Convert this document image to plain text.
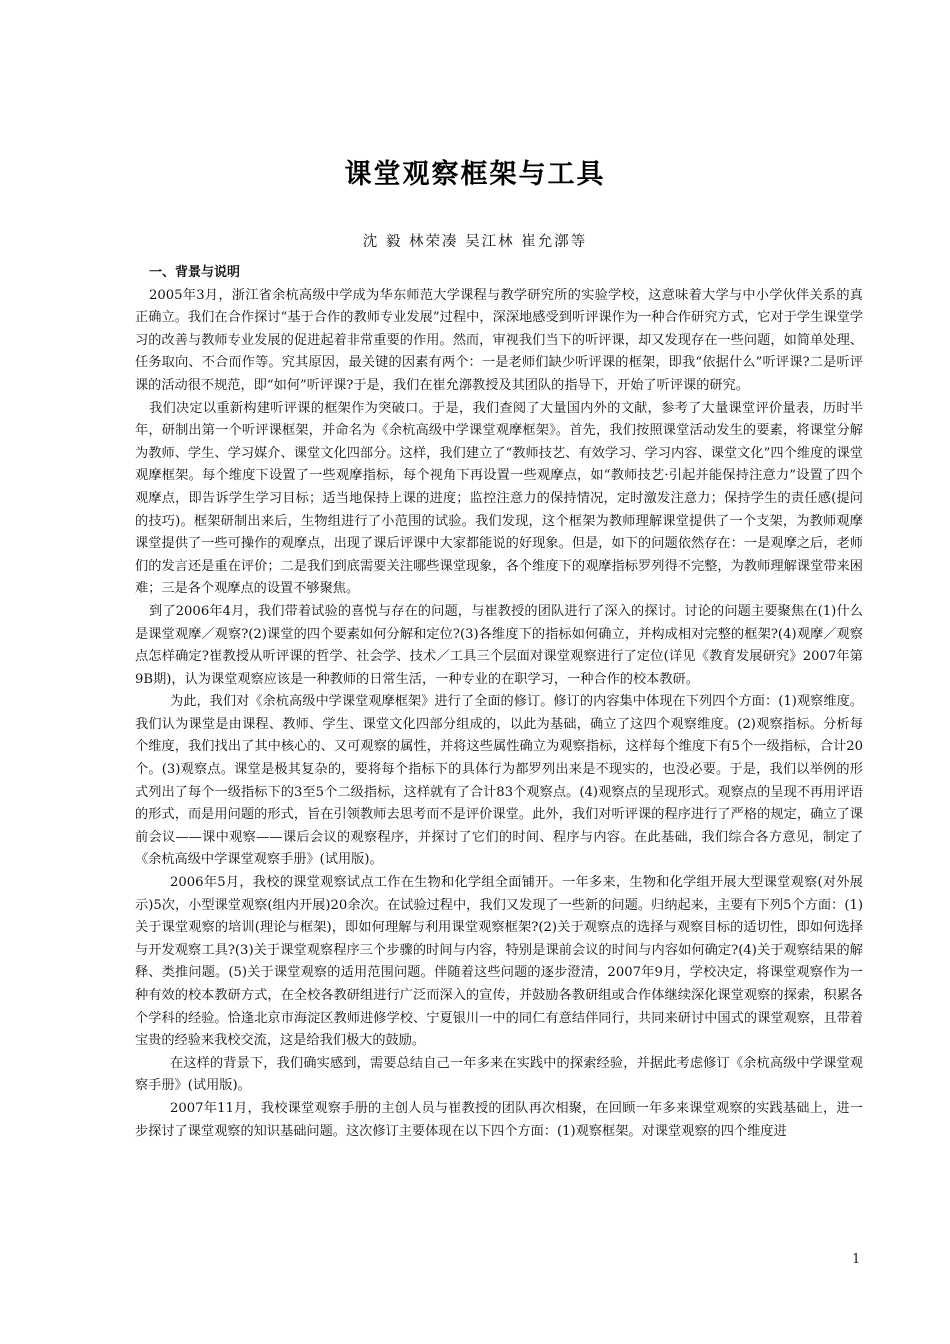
课堂观察框架与工具
沈 毅 林荣凑 吴江林 崔允漷等

一、背景与说明

2005年3月，浙江省余杭高级中学成为华东师范大学课程与教学研究所的实验学校，这意味着大学与中小学伙伴关系的真正确立。我们在合作探讨“基于合作的教师专业发展”过程中，深深地感受到听评课作为一种合作研究方式，它对于学生课堂学习的改善与教师专业发展的促进起着非常重要的作用。然而，审视我们当下的听评课，却又发现存在一些问题，如简单处理、任务取向、不合而作等。究其原因，最关键的因素有两个：一是老师们缺少听评课的框架，即我“依据什么”听评课?二是听评课的活动很不规范，即“如何”听评课?于是，我们在崔允漷教授及其团队的指导下，开始了听评课的研究。

我们决定以重新构建听评课的框架作为突破口。于是，我们查阅了大量国内外的文献，参考了大量课堂评价量表，历时半年，研制出第一个听评课框架，并命名为《余杭高级中学课堂观摩框架》。首先，我们按照课堂活动发生的要素，将课堂分解为教师、学生、学习媒介、课堂文化四部分。这样，我们建立了“教师技艺、有效学习、学习内容、课堂文化”四个维度的课堂观摩框架。每个维度下设置了一些观摩指标，每个视角下再设置一些观摩点，如“教师技艺·引起并能保持注意力”设置了四个观摩点，即告诉学生学习目标；适当地保持上课的进度；监控注意力的保持情况，定时激发注意力；保持学生的责任感(提问的技巧)。框架研制出来后，生物组进行了小范围的试验。我们发现，这个框架为教师理解课堂提供了一个支架，为教师观摩课堂提供了一些可操作的观摩点，出现了课后评课中大家都能说的好现象。但是，如下的问题依然存在：一是观摩之后，老师们的发言还是重在评价；二是我们到底需要关注哪些课堂现象，各个维度下的观摩指标罗列得不完整，为教师理解课堂带来困难；三是各个观摩点的设置不够聚焦。

到了2006年4月，我们带着试验的喜悦与存在的问题，与崔教授的团队进行了深入的探讨。讨论的问题主要聚焦在(1)什么是课堂观摩／观察?(2)课堂的四个要素如何分解和定位?(3)各维度下的指标如何确立，并构成相对完整的框架?(4)观摩／观察点怎样确定?崔教授从听评课的哲学、社会学、技术／工具三个层面对课堂观察进行了定位(详见《教育发展研究》2007年第9B期)，认为课堂观察应该是一种教师的日常生活，一种专业的在职学习，一种合作的校本教研。

为此，我们对《余杭高级中学课堂观摩框架》进行了全面的修订。修订的内容集中体现在下列四个方面：(1)观察维度。我们认为课堂是由课程、教师、学生、课堂文化四部分组成的，以此为基础，确立了这四个观察维度。(2)观察指标。分析每个维度，我们找出了其中核心的、又可观察的属性，并将这些属性确立为观察指标，这样每个维度下有5个一级指标，合计20个。(3)观察点。课堂是极其复杂的，要将每个指标下的具体行为都罗列出来是不现实的，也没必要。于是，我们以举例的形式列出了每个一级指标下的3至5个二级指标，这样就有了合计83个观察点。(4)观察点的呈现形式。观察点的呈现不再用评语的形式，而是用问题的形式，旨在引领教师去思考而不是评价课堂。此外，我们对听评课的程序进行了严格的规定，确立了课前会议——课中观察——课后会议的观察程序，并探讨了它们的时间、程序与内容。在此基础，我们综合各方意见，制定了《余杭高级中学课堂观察手册》(试用版)。

2006年5月，我校的课堂观察试点工作在生物和化学组全面铺开。一年多来，生物和化学组开展大型课堂观察(对外展示)5次，小型课堂观察(组内开展)20余次。在试验过程中，我们又发现了一些新的问题。归纳起来，主要有下列5个方面：(1)关于课堂观察的培训(理论与框架)，即如何理解与利用课堂观察框架?(2)关于观察点的选择与观察目标的适切性，即如何选择与开发观察工具?(3)关于课堂观察程序三个步骤的时间与内容，特别是课前会议的时间与内容如何确定?(4)关于观察结果的解释、类推问题。(5)关于课堂观察的适用范围问题。伴随着这些问题的逐步澄清，2007年9月，学校决定，将课堂观察作为一种有效的校本教研方式，在全校各教研组进行广泛而深入的宣传，并鼓励各教研组或合作体继续深化课堂观察的探索，积累各个学科的经验。恰逢北京市海淀区教师进修学校、宁夏银川一中的同仁有意结伴同行，共同来研讨中国式的课堂观察，且带着宝贵的经验来我校交流，这是给我们极大的鼓励。

在这样的背景下，我们确实感到，需要总结自己一年多来在实践中的探索经验，并据此考虑修订《余杭高级中学课堂观察手册》(试用版)。

2007年11月，我校课堂观察手册的主创人员与崔教授的团队再次相聚，在回顾一年多来课堂观察的实践基础上，进一步探讨了课堂观察的知识基础问题。这次修订主要体现在以下四个方面：(1)观察框架。对课堂观察的四个维度进

1
